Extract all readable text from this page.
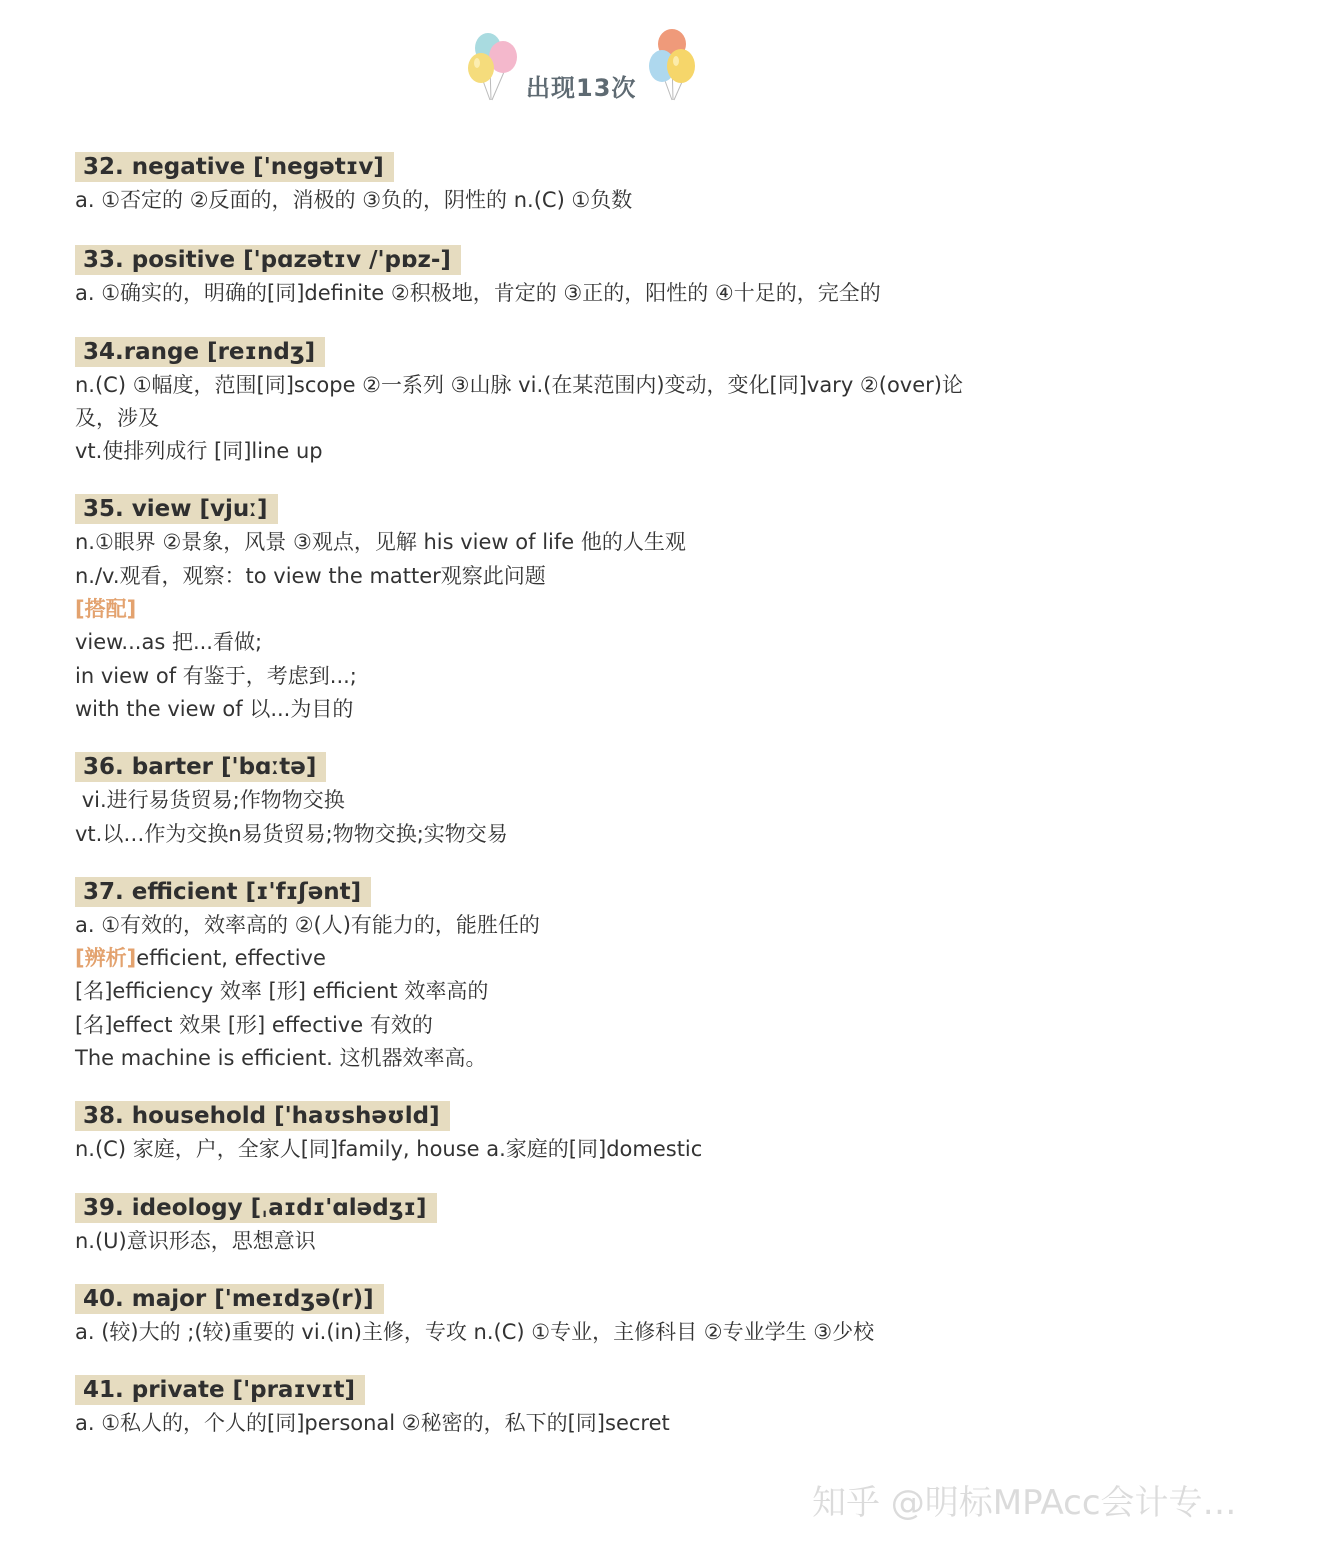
出现13次
32. negative ['negətɪv]
a. ①否定的 ②反面的，消极的 ③负的，阴性的 n.(C) ①负数
33. positive ['pɑzətɪv /'pɒz-]
a. ①确实的，明确的[同]definite ②积极地，肯定的 ③正的，阳性的 ④十足的，完全的
34.range [reɪndʒ]
n.(C) ①幅度，范围[同]scope ②一系列 ③山脉 vi.(在某范围内)变动，变化[同]vary ②(over)论
及，涉及
vt.使排列成行 [同]line up
35. view [vjuː]
n.①眼界 ②景象，风景 ③观点，见解 his view of life 他的人生观
n./v.观看，观察：to view the matter观察此问题
[搭配]
view...as 把...看做;
in view of 有鉴于，考虑到...;
with the view of 以...为目的
36. barter ['bɑːtə]
vi.进行易货贸易;作物物交换
vt.以…作为交换n易货贸易;物物交换;实物交易
37. efficient [ɪ'fɪʃənt]
a. ①有效的，效率高的 ②(人)有能力的，能胜任的
[辨析]efficient, effective
[名]efficiency 效率 [形] efficient 效率高的
[名]effect 效果 [形] effective 有效的
The machine is efficient. 这机器效率高。
38. household ['haʊshəʊld]
n.(C) 家庭，户，全家人[同]family, house a.家庭的[同]domestic
39. ideology [ˌaɪdɪ'ɑlədʒɪ]
n.(U)意识形态，思想意识
40. major ['meɪdʒə(r)]
a. (较)大的 ;(较)重要的 vi.(in)主修，专攻 n.(C) ①专业，主修科目 ②专业学生 ③少校
41. private ['praɪvɪt]
a. ①私人的，个人的[同]personal ②秘密的，私下的[同]secret
知乎 @明标MPAcc会计专…
